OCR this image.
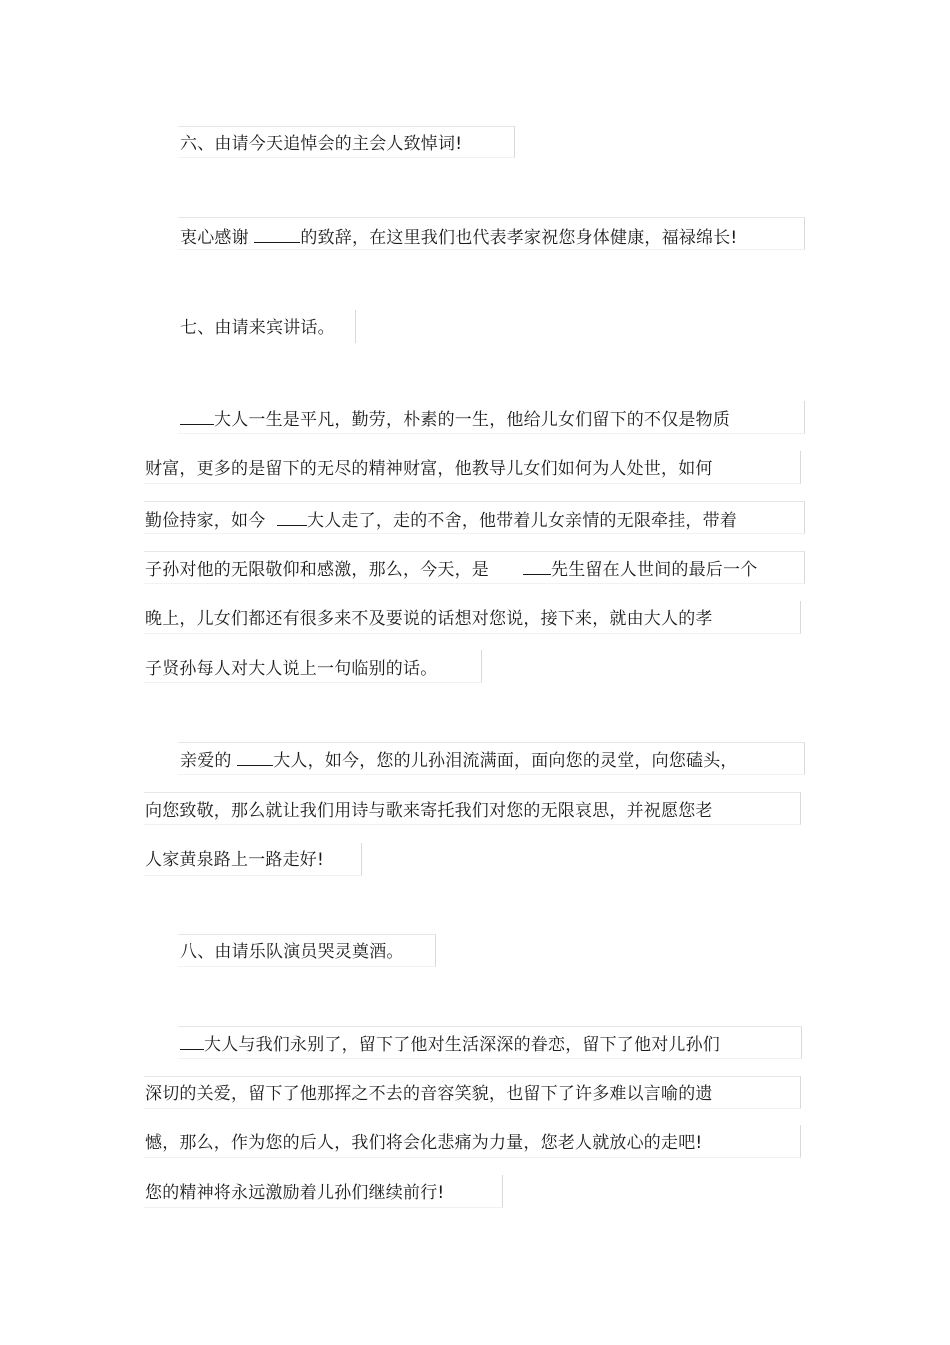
六、由请今天追悼会的主会人致悼词!
衷心感谢	的致辞，在这里我们也代表孝家祝您身体健康，福禄绵长!
七、由请来宾讲话。
大人一生是平凡，勤劳，朴素的一生，他给儿女们留下的不仅是物质
财富，更多的是留下的无尽的精神财富，他教导儿女们如何为人处世，如何
勤俭持家，如今 大人走了，走的不舍，他带着儿女亲情的无限牵挂，带着
子孙对他的无限敬仰和感激，那么，今天，是	先生留在人世间的最后一个
晚上，儿女们都还有很多来不及要说的话想对您说，接下来，就由大人的孝
子贤孙每人对大人说上一句临别的话。
亲爱的 大人，如今，您的儿孙泪流满面，面向您的灵堂，向您磕头，
向您致敬，那么就让我们用诗与歌来寄托我们对您的无限哀思，并祝愿您老
人家黄泉路上一路走好!
八、由请乐队演员哭灵奠酒。
大人与我们永别了，留下了他对生活深深的眷恋，留下了他对儿孙们
深切的关爱，留下了他那挥之不去的音容笑貌，也留下了许多难以言喻的遗
憾，那么，作为您的后人，我们将会化悲痛为力量，您老人就放心的走吧!
您的精神将永远激励着儿孙们继续前行!
